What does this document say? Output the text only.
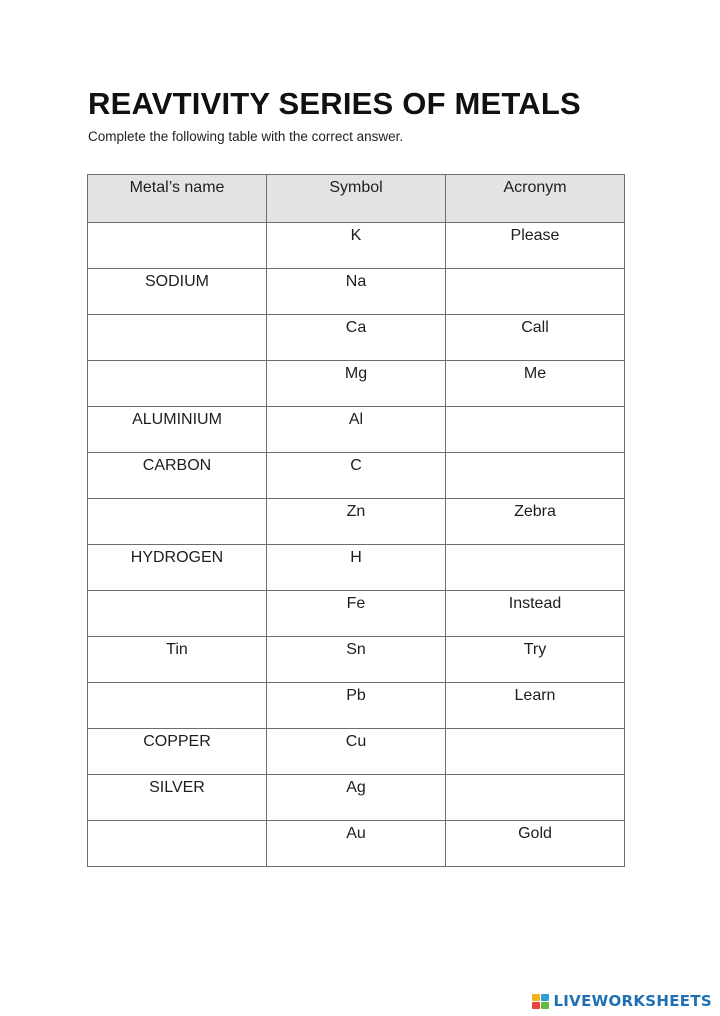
REAVTIVITY SERIES OF METALS

Complete the following table with the correct answer.

Metal’s name	Symbol	Acronym
	K	Please
SODIUM	Na	
	Ca	Call
	Mg	Me
ALUMINIUM	Al	
CARBON	C	
	Zn	Zebra
HYDROGEN	H	
	Fe	Instead
Tin	Sn	Try
	Pb	Learn
COPPER	Cu	
SILVER	Ag	
	Au	Gold
LIVEWORKSHEETS
